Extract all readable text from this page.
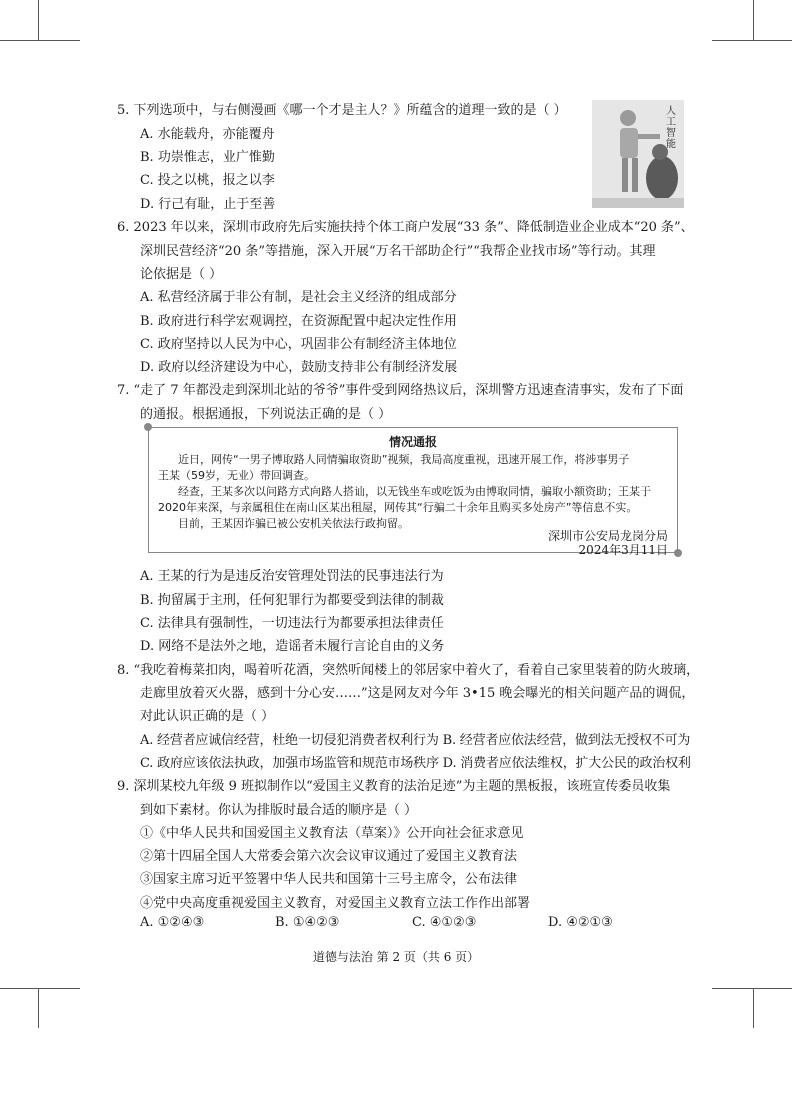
5. 下列选项中，与右侧漫画《哪一个才是主人？》所蕴含的道理一致的是（ ）
A. 水能载舟，亦能覆舟
B. 功崇惟志，业广惟勤
C. 投之以桃，报之以李
D. 行己有耻，止于至善
人工智能
6. 2023 年以来，深圳市政府先后实施扶持个体工商户发展“33 条”、降低制造业企业成本“20 条”、
深圳民营经济“20 条”等措施，深入开展“万名干部助企行”“我帮企业找市场”等行动。其理
论依据是（ ）
A. 私营经济属于非公有制，是社会主义经济的组成部分
B. 政府进行科学宏观调控，在资源配置中起决定性作用
C. 政府坚持以人民为中心，巩固非公有制经济主体地位
D. 政府以经济建设为中心，鼓励支持非公有制经济发展
7. “走了 7 年都没走到深圳北站的爷爷”事件受到网络热议后，深圳警方迅速查清事实，发布了下面
的通报。根据通报，下列说法正确的是（ ）
情况通报

近日，网传“一男子博取路人同情骗取资助”视频，我局高度重视，迅速开展工作，将涉事男子

王某（59岁，无业）带回调查。

经查，王某多次以问路方式向路人搭讪，以无钱坐车或吃饭为由博取同情，骗取小额资助；王某于

2020年来深，与亲属租住在南山区某出租屋，网传其“行骗二十余年且购买多处房产”等信息不实。

目前，王某因诈骗已被公安机关依法行政拘留。

深圳市公安局龙岗分局

2024年3月11日

A. 王某的行为是违反治安管理处罚法的民事违法行为
B. 拘留属于主刑，任何犯罪行为都要受到法律的制裁
C. 法律具有强制性，一切违法行为都要承担法律责任
D. 网络不是法外之地，造谣者未履行言论自由的义务
8. “我吃着梅菜扣肉，喝着听花酒，突然听闻楼上的邻居家中着火了，看着自己家里装着的防火玻璃，
走廊里放着灭火器，感到十分心安……”这是网友对今年 3•15 晚会曝光的相关问题产品的调侃，
对此认识正确的是（ ）
A. 经营者应诚信经营，杜绝一切侵犯消费者权利行为 B. 经营者应依法经营，做到法无授权不可为
C. 政府应该依法执政，加强市场监管和规范市场秩序 D. 消费者应依法维权，扩大公民的政治权利
9. 深圳某校九年级 9 班拟制作以“爱国主义教育的法治足迹”为主题的黑板报，该班宣传委员收集
到如下素材。你认为排版时最合适的顺序是（ ）
①《中华人民共和国爱国主义教育法（草案）》公开向社会征求意见
②第十四届全国人大常委会第六次会议审议通过了爱国主义教育法
③国家主席习近平签署中华人民共和国第十三号主席令，公布法律
④党中央高度重视爱国主义教育，对爱国主义教育立法工作作出部署
A. ①②④③	B. ①④②③	C. ④①②③	D. ④②①③
道德与法治 第 2 页（共 6 页）
